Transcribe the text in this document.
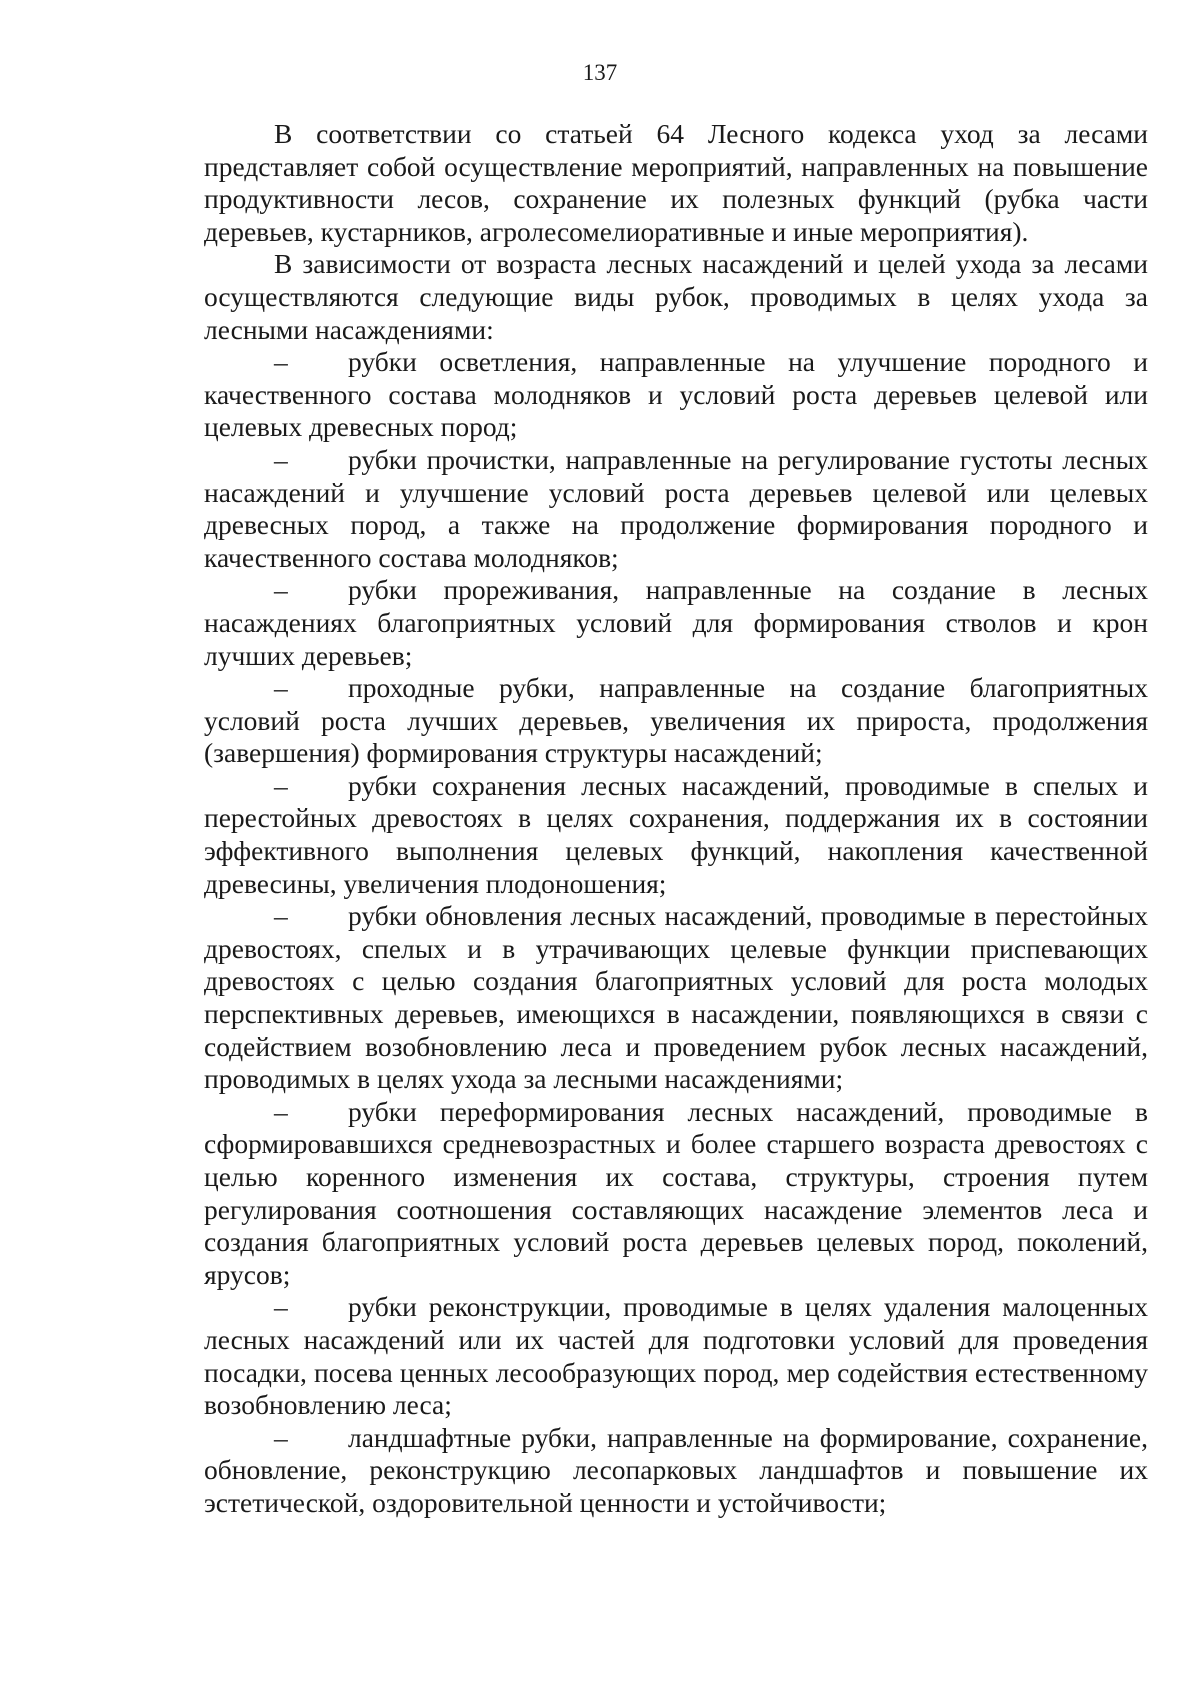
137

В соответствии со статьей 64 Лесного кодекса уход за лесами представляет собой осуществление мероприятий, направленных на повышение продуктивности лесов, сохранение их полезных функций (рубка части деревьев, кустарников, агролесомелиоративные и иные мероприятия).

В зависимости от возраста лесных насаждений и целей ухода за лесами осуществляются следующие виды рубок, проводимых в целях ухода за лесными насаждениями:

– рубки осветления, направленные на улучшение породного и качественного состава молодняков и условий роста деревьев целевой или целевых древесных пород;

– рубки прочистки, направленные на регулирование густоты лесных насаждений и улучшение условий роста деревьев целевой или целевых древесных пород, а также на продолжение формирования породного и качественного состава молодняков;

– рубки прореживания, направленные на создание в лесных насаждениях благоприятных условий для формирования стволов и крон лучших деревьев;

– проходные рубки, направленные на создание благоприятных условий роста лучших деревьев, увеличения их прироста, продолжения (завершения) формирования структуры насаждений;

– рубки сохранения лесных насаждений, проводимые в спелых и перестойных древостоях в целях сохранения, поддержания их в состоянии эффективного выполнения целевых функций, накопления качественной древесины, увеличения плодоношения;

– рубки обновления лесных насаждений, проводимые в перестойных древостоях, спелых и в утрачивающих целевые функции приспевающих древостоях с целью создания благоприятных условий для роста молодых перспективных деревьев, имеющихся в насаждении, появляющихся в связи с содействием возобновлению леса и проведением рубок лесных насаждений, проводимых в целях ухода за лесными насаждениями;

– рубки переформирования лесных насаждений, проводимые в сформировавшихся средневозрастных и более старшего возраста древостоях с целью коренного изменения их состава, структуры, строения путем регулирования соотношения составляющих насаждение элементов леса и создания благоприятных условий роста деревьев целевых пород, поколений, ярусов;

– рубки реконструкции, проводимые в целях удаления малоценных лесных насаждений или их частей для подготовки условий для проведения посадки, посева ценных лесообразующих пород, мер содействия естественному возобновлению леса;

– ландшафтные рубки, направленные на формирование, сохранение, обновление, реконструкцию лесопарковых ландшафтов и повышение их эстетической, оздоровительной ценности и устойчивости;
